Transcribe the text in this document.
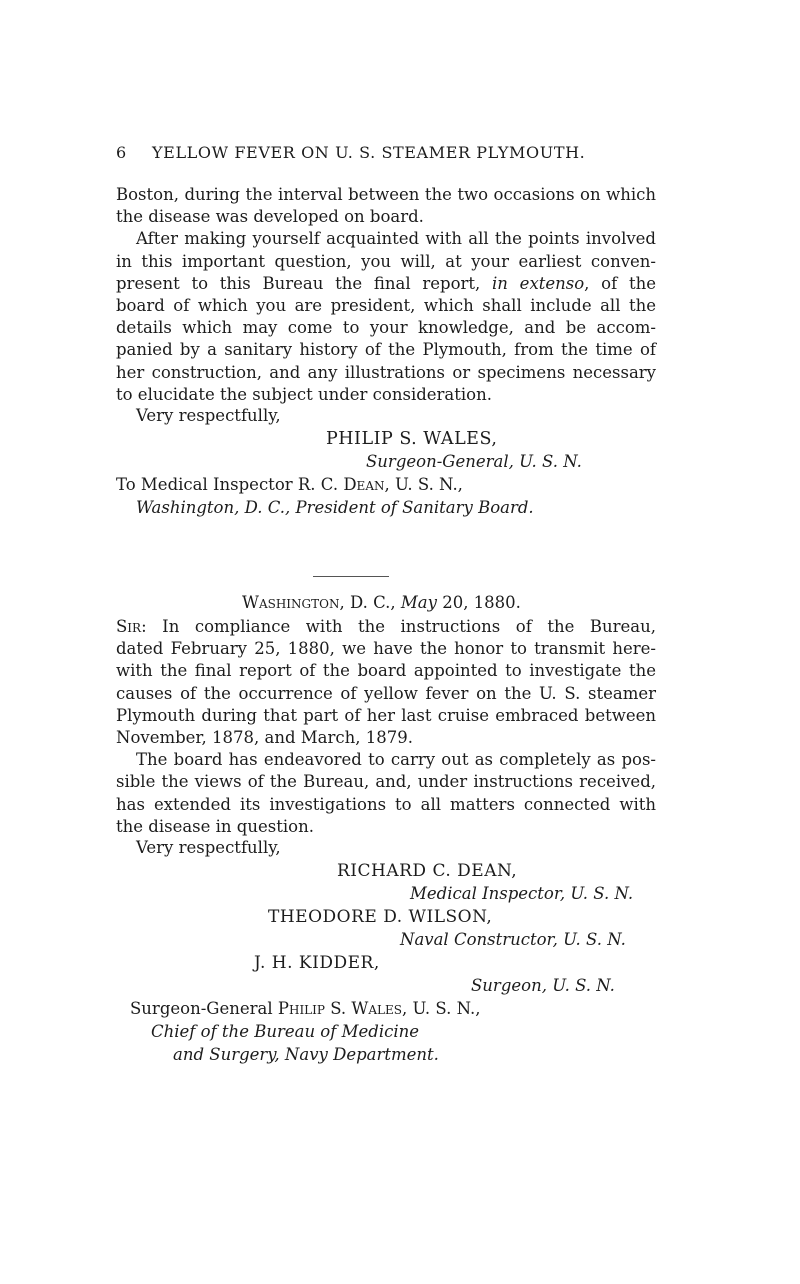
6 YELLOW FEVER ON U. S. STEAMER PLYMOUTH.
Boston, during the interval between the two occasions on which
the disease was developed on board.
After making yourself acquainted with all the points involved
in this important question, you will, at your earliest conven-
present to this Bureau the final report, in extenso, of the
board of which you are president, which shall include all the
details which may come to your knowledge, and be accom-
panied by a sanitary history of the Plymouth, from the time of
her construction, and any illustrations or specimens necessary
to elucidate the subject under consideration.
Very respectfully,
PHILIP S. WALES,
Surgeon-General, U. S. N.
To Medical Inspector R. C. Dean, U. S. N.,
Washington, D. C., President of Sanitary Board.
Washington, D. C., May 20, 1880.
Sir: In compliance with the instructions of the Bureau,
dated February 25, 1880, we have the honor to transmit here-
with the final report of the board appointed to investigate the
causes of the occurrence of yellow fever on the U. S. steamer
Plymouth during that part of her last cruise embraced between
November, 1878, and March, 1879.
The board has endeavored to carry out as completely as pos-
sible the views of the Bureau, and, under instructions received,
has extended its investigations to all matters connected with
the disease in question.
Very respectfully,
RICHARD C. DEAN,
Medical Inspector, U. S. N.
THEODORE D. WILSON,
Naval Constructor, U. S. N.
J. H. KIDDER,
Surgeon, U. S. N.
Surgeon-General Philip S. Wales, U. S. N.,
Chief of the Bureau of Medicine
and Surgery, Navy Department.
